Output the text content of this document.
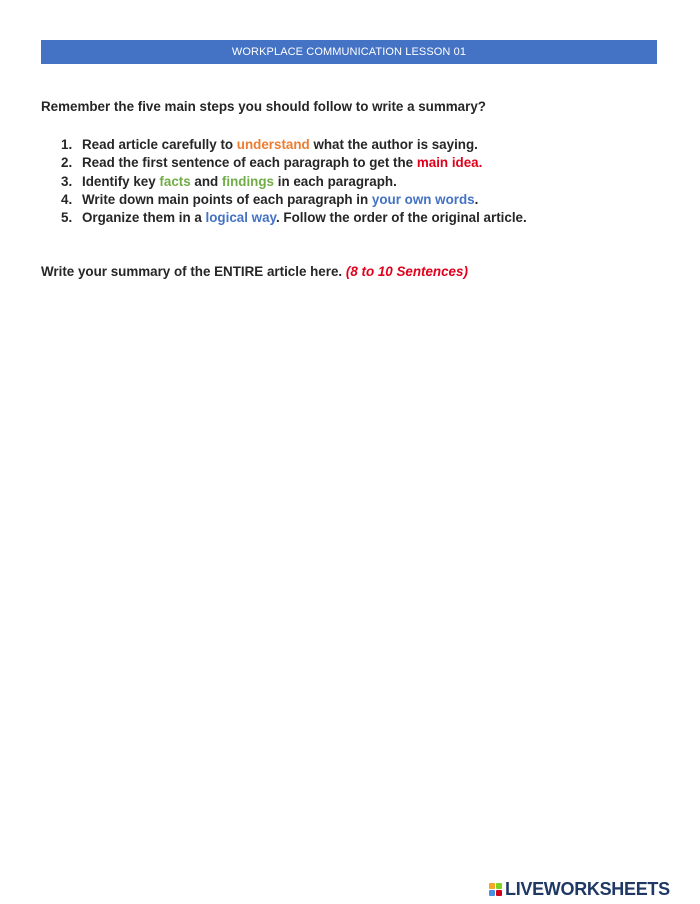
WORKPLACE COMMUNICATION LESSON 01
Remember the five main steps you should follow to write a summary?
1. Read article carefully to understand what the author is saying.
2. Read the first sentence of each paragraph to get the main idea.
3. Identify key facts and findings in each paragraph.
4. Write down main points of each paragraph in your own words.
5. Organize them in a logical way. Follow the order of the original article.
Write your summary of the ENTIRE article here. (8 to 10 Sentences)
LIVEWORKSHEETS
